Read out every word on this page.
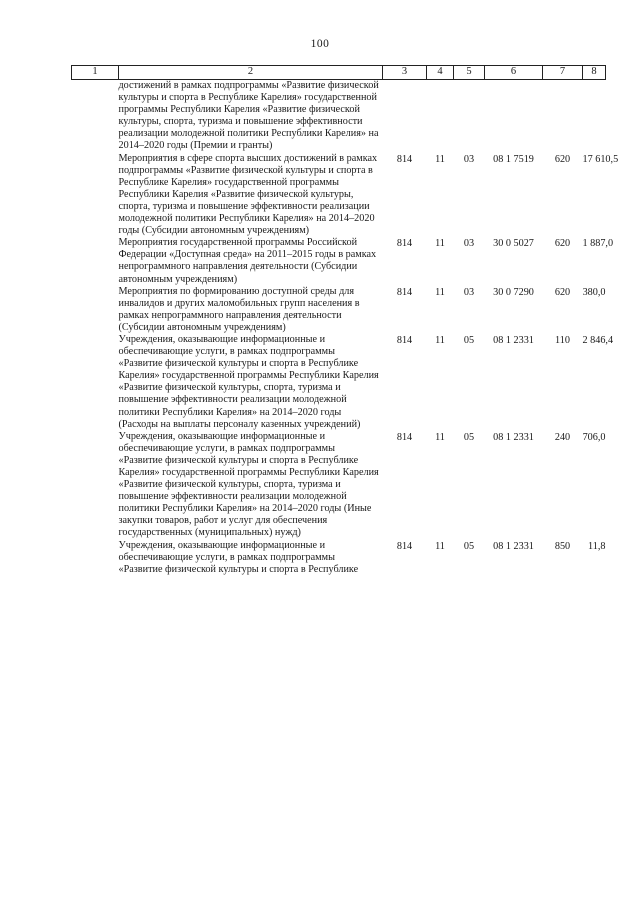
100
1	2	3	4	5	6	7	8
достижений в рамках подпрограммы «Развитие физической культуры и спорта в Республике Карелия» государственной программы Республики Карелия «Развитие физической культуры, спорта, туризма и повышение эффективности реализации молодежной политики Республики Карелия» на 2014–2020 годы (Премии и гранты)							
Мероприятия в сфере спорта высших достижений в рамках подпрограммы «Развитие физической культуры и спорта в Республике Карелия» государственной программы Республики Карелия «Развитие физической культуры, спорта, туризма и повышение эффективности реализации молодежной политики Республики Карелия» на 2014–2020 годы (Субсидии автономным учреждениям)		814	11	03	08 1 7519	620	17 610,5
Мероприятия государственной программы Российской Федерации «Доступная среда» на 2011–2015 годы в рамках непрограммного направления деятельности (Субсидии автономным учреждениям)		814	11	03	30 0 5027	620	1 887,0
Мероприятия по формированию доступной среды для инвалидов и других маломобильных групп населения в рамках непрограммного направления деятельности (Субсидии автономным учреждениям)		814	11	03	30 0 7290	620	380,0
Учреждения, оказывающие информационные и обеспечивающие услуги, в рамках подпрограммы «Развитие физической культуры и спорта в Республике Карелия» государственной программы Республики Карелия «Развитие физической культуры, спорта, туризма и повышение эффективности реализации молодежной политики Республики Карелия» на 2014–2020 годы (Расходы на выплаты персоналу казенных учреждений)		814	11	05	08 1 2331	110	2 846,4
Учреждения, оказывающие информационные и обеспечивающие услуги, в рамках подпрограммы «Развитие физической культуры и спорта в Республике Карелия» государственной программы Республики Карелия «Развитие физической культуры, спорта, туризма и повышение эффективности реализации молодежной политики Республики Карелия» на 2014–2020 годы (Иные закупки товаров, работ и услуг для обеспечения государственных (муниципальных) нужд)		814	11	05	08 1 2331	240	706,0
Учреждения, оказывающие информационные и обеспечивающие услуги, в рамках подпрограммы «Развитие физической культуры и спорта в Республике		814	11	05	08 1 2331	850	11,8
